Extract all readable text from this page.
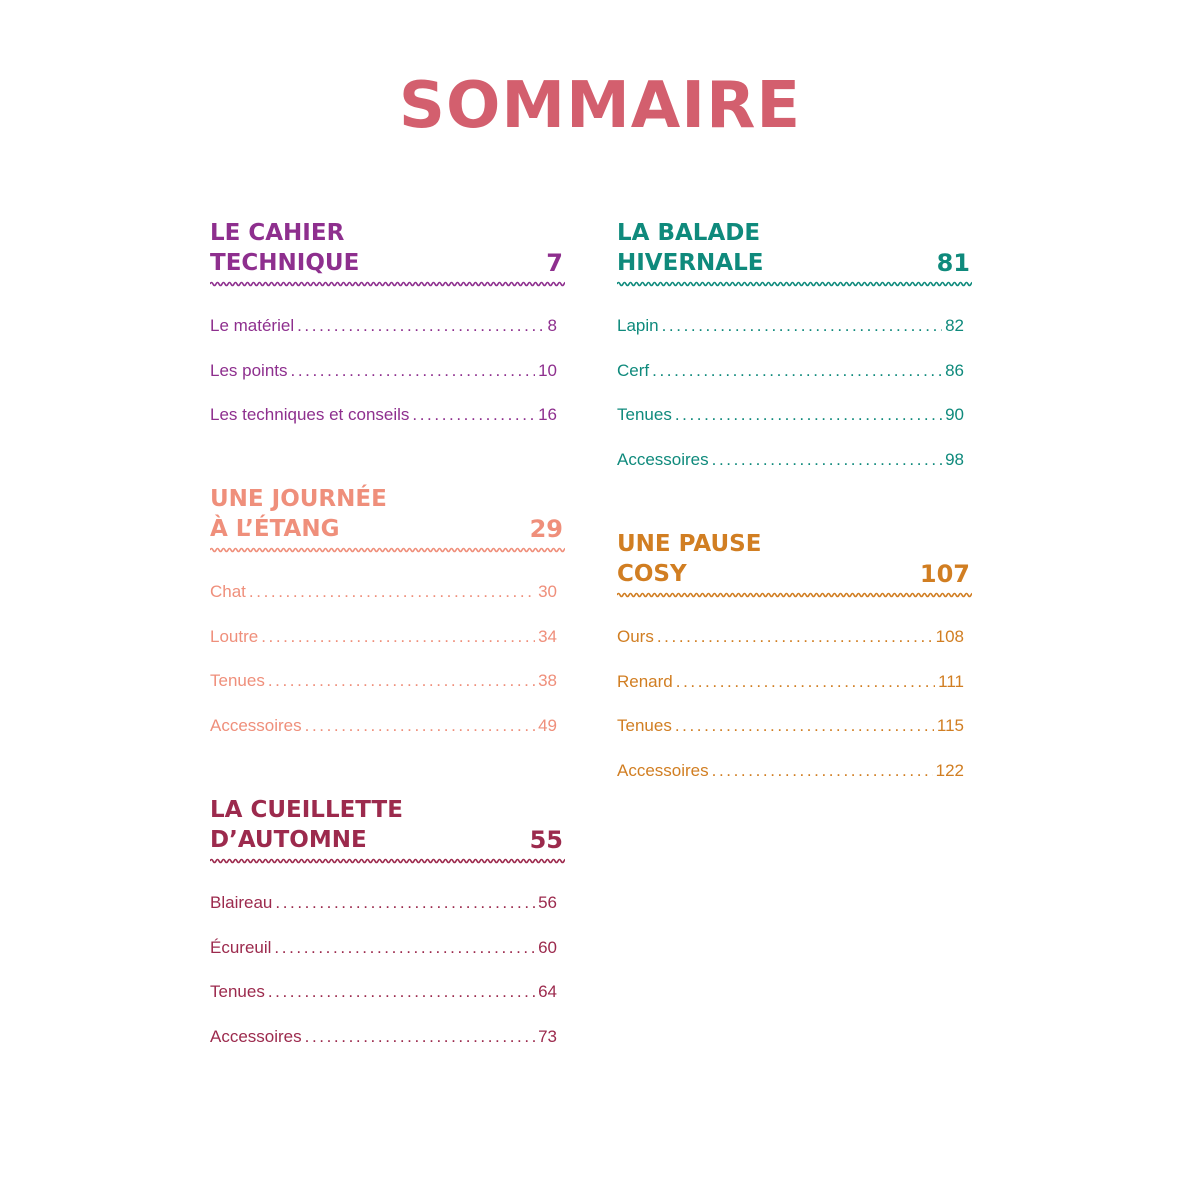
SOMMAIRE
LE CAHIER
TECHNIQUE	7
Le matériel .....	8
Les points .....	10
Les techniques et conseils .....	16
UNE JOURNÉE
À L’ÉTANG	29
Chat .....	30
Loutre .....	34
Tenues .....	38
Accessoires .....	49
LA CUEILLETTE
D’AUTOMNE	55
Blaireau .....	56
Écureuil .....	60
Tenues .....	64
Accessoires .....	73
LA BALADE
HIVERNALE	81
Lapin .....	82
Cerf .....	86
Tenues .....	90
Accessoires .....	98
UNE PAUSE
COSY	107
Ours .....	108
Renard .....	111
Tenues .....	115
Accessoires .....	122
